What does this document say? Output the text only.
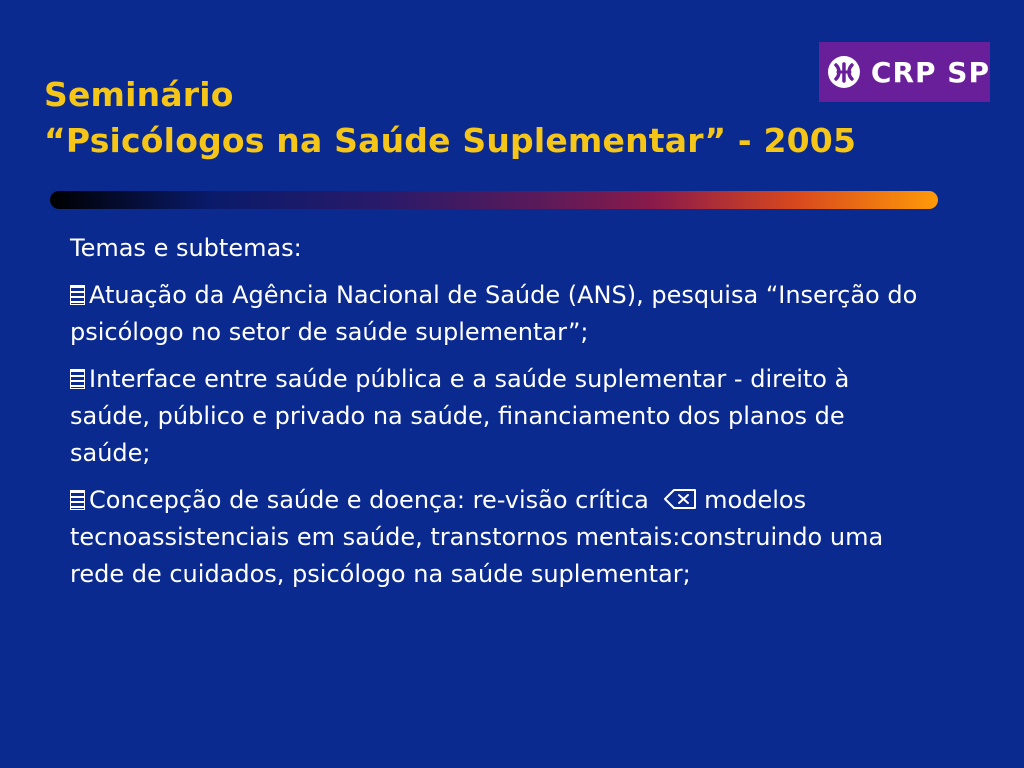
Seminário
“Psicólogos na Saúde Suplementar” - 2005
CRP SP
Temas e subtemas:
Atuação da Agência Nacional de Saúde (ANS), pesquisa “Inserção do psicólogo no setor de saúde suplementar”;
Interface entre saúde pública e a saúde suplementar - direito à saúde, público e privado na saúde, financiamento dos planos de saúde;
Concepção de saúde e doença: re-visão crítica modelos tecnoassistenciais em saúde, transtornos mentais:construindo uma rede de cuidados, psicólogo na saúde suplementar;
